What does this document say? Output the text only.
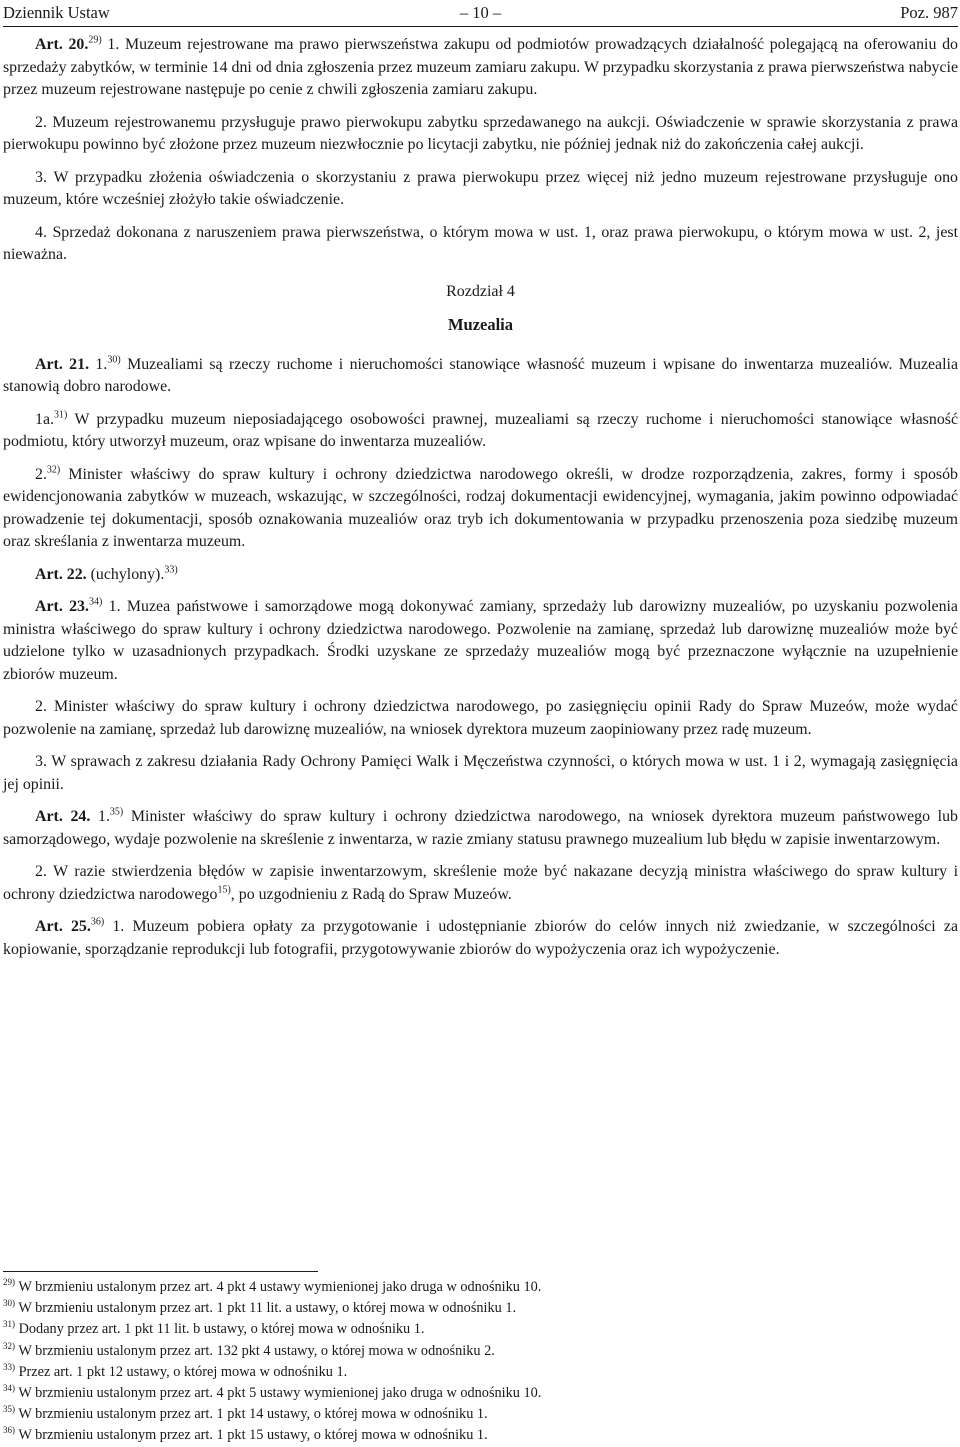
Dziennik Ustaw	– 10 –	Poz. 987

Art. 20.$^{29)}$ 1. Muzeum rejestrowane ma prawo pierwszeństwa zakupu od podmiotów prowadzących działalność polegającą na oferowaniu do sprzedaży zabytków, w terminie 14 dni od dnia zgłoszenia przez muzeum zamiaru zakupu. W przypadku skorzystania z prawa pierwszeństwa nabycie przez muzeum rejestrowane następuje po cenie z chwili zgłoszenia zamiaru zakupu.

2. Muzeum rejestrowanemu przysługuje prawo pierwokupu zabytku sprzedawanego na aukcji. Oświadczenie w sprawie skorzystania z prawa pierwokupu powinno być złożone przez muzeum niezwłocznie po licytacji zabytku, nie później jednak niż do zakończenia całej aukcji.

3. W przypadku złożenia oświadczenia o skorzystaniu z prawa pierwokupu przez więcej niż jedno muzeum rejestrowane przysługuje ono muzeum, które wcześniej złożyło takie oświadczenie.

4. Sprzedaż dokonana z naruszeniem prawa pierwszeństwa, o którym mowa w ust. 1, oraz prawa pierwokupu, o którym mowa w ust. 2, jest nieważna.

Rozdział 4
Muzealia

Art. 21. 1.$^{30)}$ Muzealiami są rzeczy ruchome i nieruchomości stanowiące własność muzeum i wpisane do inwentarza muzealiów. Muzealia stanowią dobro narodowe.

1a.$^{31)}$ W przypadku muzeum nieposiadającego osobowości prawnej, muzealiami są rzeczy ruchome i nieruchomości stanowiące własność podmiotu, który utworzył muzeum, oraz wpisane do inwentarza muzealiów.

2.$^{32)}$ Minister właściwy do spraw kultury i ochrony dziedzictwa narodowego określi, w drodze rozporządzenia, zakres, formy i sposób ewidencjonowania zabytków w muzeach, wskazując, w szczególności, rodzaj dokumentacji ewidencyjnej, wymagania, jakim powinno odpowiadać prowadzenie tej dokumentacji, sposób oznakowania muzealiów oraz tryb ich dokumentowania w przypadku przenoszenia poza siedzibę muzeum oraz skreślania z inwentarza muzeum.

Art. 22. (uchylony).$^{33)}$

Art. 23.$^{34)}$ 1. Muzea państwowe i samorządowe mogą dokonywać zamiany, sprzedaży lub darowizny muzealiów, po uzyskaniu pozwolenia ministra właściwego do spraw kultury i ochrony dziedzictwa narodowego. Pozwolenie na zamianę, sprzedaż lub darowiznę muzealiów może być udzielone tylko w uzasadnionych przypadkach. Środki uzyskane ze sprzedaży muzealiów mogą być przeznaczone wyłącznie na uzupełnienie zbiorów muzeum.

2. Minister właściwy do spraw kultury i ochrony dziedzictwa narodowego, po zasięgnięciu opinii Rady do Spraw Muzeów, może wydać pozwolenie na zamianę, sprzedaż lub darowiznę muzealiów, na wniosek dyrektora muzeum zaopiniowany przez radę muzeum.

3. W sprawach z zakresu działania Rady Ochrony Pamięci Walk i Męczeństwa czynności, o których mowa w ust. 1 i 2, wymagają zasięgnięcia jej opinii.

Art. 24. 1.$^{35)}$ Minister właściwy do spraw kultury i ochrony dziedzictwa narodowego, na wniosek dyrektora muzeum państwowego lub samorządowego, wydaje pozwolenie na skreślenie z inwentarza, w razie zmiany statusu prawnego muzealium lub błędu w zapisie inwentarzowym.

2. W razie stwierdzenia błędów w zapisie inwentarzowym, skreślenie może być nakazane decyzją ministra właściwego do spraw kultury i ochrony dziedzictwa narodowego$^{15)}$, po uzgodnieniu z Radą do Spraw Muzeów.

Art. 25.$^{36)}$ 1. Muzeum pobiera opłaty za przygotowanie i udostępnianie zbiorów do celów innych niż zwiedzanie, w szczególności za kopiowanie, sporządzanie reprodukcji lub fotografii, przygotowywanie zbiorów do wypożyczenia oraz ich wypożyczenie.

$^{29)}$ W brzmieniu ustalonym przez art. 4 pkt 4 ustawy wymienionej jako druga w odnośniku 10.

$^{30)}$ W brzmieniu ustalonym przez art. 1 pkt 11 lit. a ustawy, o której mowa w odnośniku 1.

$^{31)}$ Dodany przez art. 1 pkt 11 lit. b ustawy, o której mowa w odnośniku 1.

$^{32)}$ W brzmieniu ustalonym przez art. 132 pkt 4 ustawy, o której mowa w odnośniku 2.

$^{33)}$ Przez art. 1 pkt 12 ustawy, o której mowa w odnośniku 1.

$^{34)}$ W brzmieniu ustalonym przez art. 4 pkt 5 ustawy wymienionej jako druga w odnośniku 10.

$^{35)}$ W brzmieniu ustalonym przez art. 1 pkt 14 ustawy, o której mowa w odnośniku 1.

$^{36)}$ W brzmieniu ustalonym przez art. 1 pkt 15 ustawy, o której mowa w odnośniku 1.
